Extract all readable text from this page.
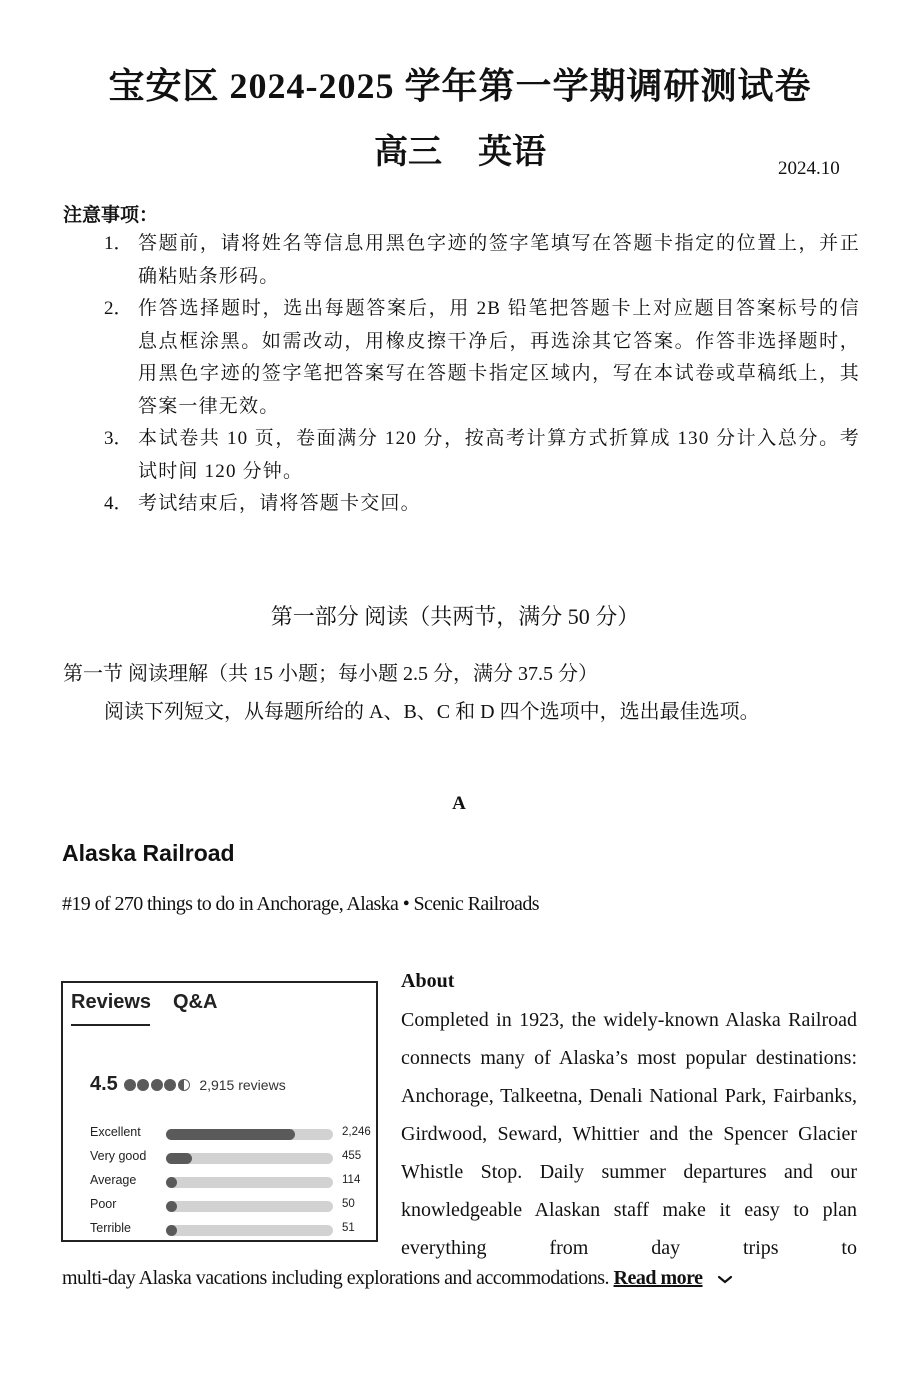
宝安区 2024-2025 学年第一学期调研测试卷
高三 英语	2024.10
注意事项：
1． 答题前，请将姓名等信息用黑色字迹的签字笔填写在答题卡指定的位置上，并正确粘贴条形码。
2． 作答选择题时，选出每题答案后，用 2B 铅笔把答题卡上对应题目答案标号的信息点框涂黑。如需改动，用橡皮擦干净后，再选涂其它答案。作答非选择题时，用黑色字迹的签字笔把答案写在答题卡指定区域内，写在本试卷或草稿纸上，其答案一律无效。
3． 本试卷共 10 页，卷面满分 120 分，按高考计算方式折算成 130 分计入总分。考试时间 120 分钟。
4． 考试结束后，请将答题卡交回。
第一部分 阅读（共两节，满分 50 分）
第一节 阅读理解（共 15 小题；每小题 2.5 分，满分 37.5 分）
阅读下列短文，从每题所给的 A、B、C 和 D 四个选项中，选出最佳选项。
A
Alaska Railroad
#19 of 270 things to do in Anchorage, Alaska • Scenic Railroads
Reviews Q&A
4.5	2,915 reviews
Excellent	2,246
Very good	455
Average	114
Poor	50
Terrible	51
About
Completed in 1923, the widely-known Alaska Railroad connects many of Alaska’s most popular destinations: Anchorage, Talkeetna, Denali National Park, Fairbanks, Girdwood, Seward, Whittier and the Spencer Glacier Whistle Stop. Daily summer departures and our knowledgeable Alaskan staff make it easy to plan everything from day trips to
multi-day Alaska vacations including explorations and accommodations. Read more
